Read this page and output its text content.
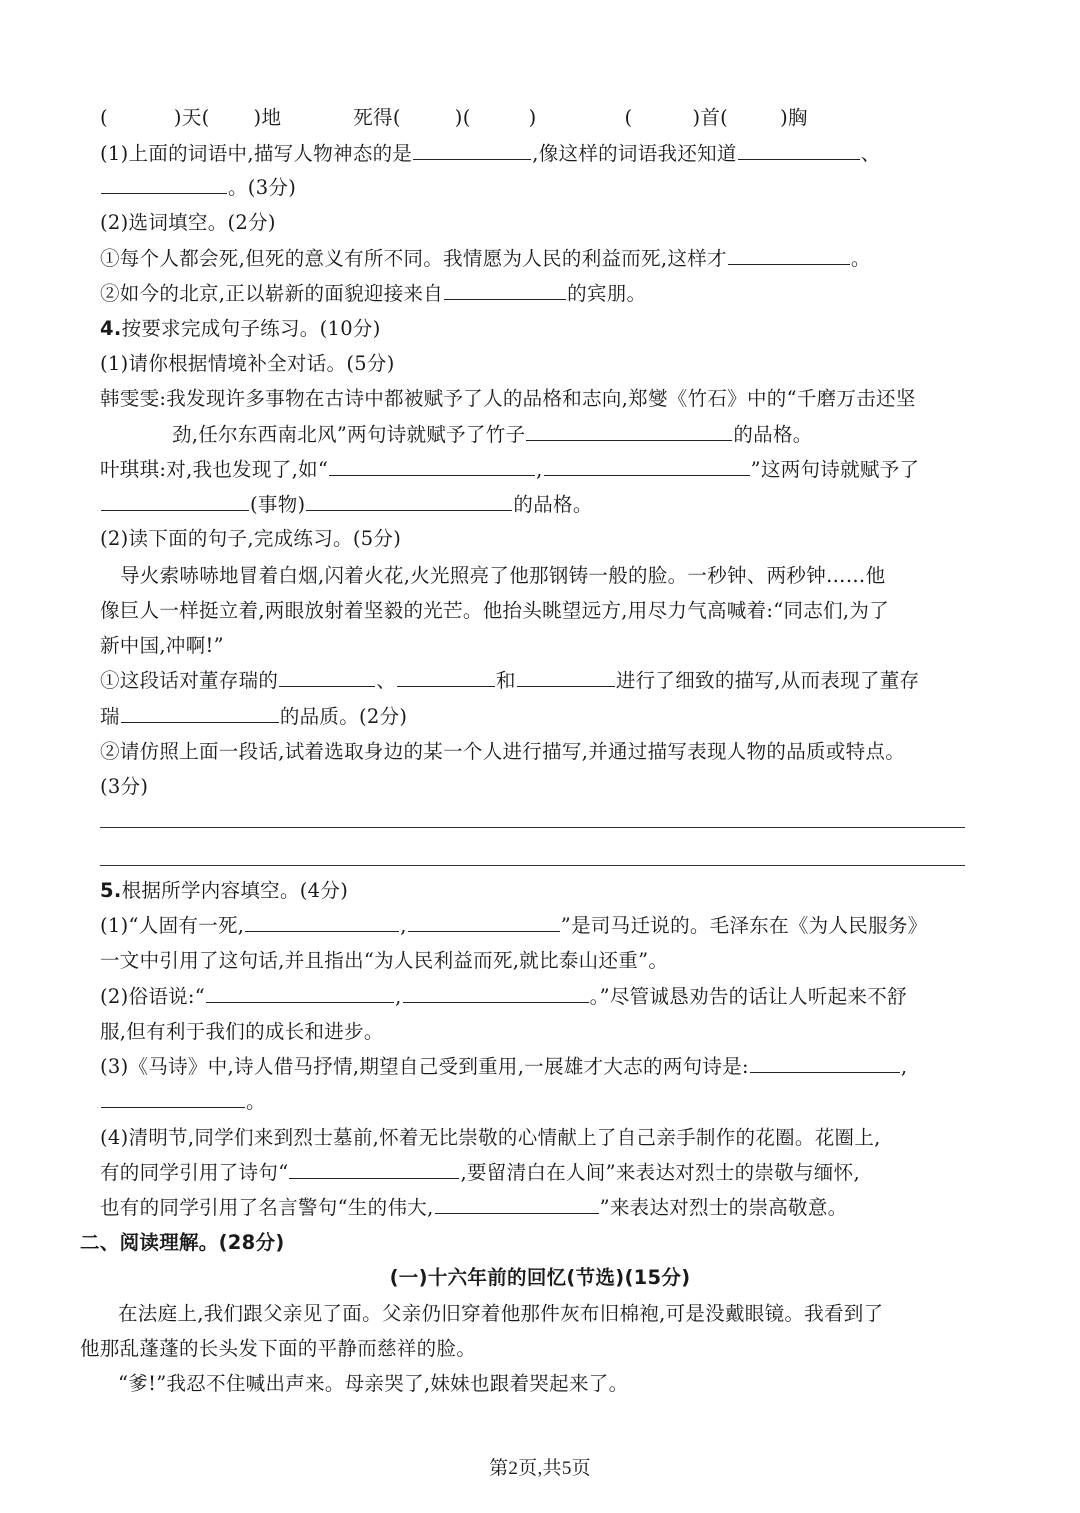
(	)天( )地	死得(	)(	)	(	)首(	)胸
(1)上面的词语中,描写人物神态的是	,像这样的词语我还知道	、
。(3分)
(2)选词填空。(2分)
①每个人都会死,但死的意义有所不同。我情愿为人民的利益而死,这样才	。
②如今的北京,正以崭新的面貌迎接来自	的宾朋。
4.按要求完成句子练习。(10分)
(1)请你根据情境补全对话。(5分)
韩雯雯:我发现许多事物在古诗中都被赋予了人的品格和志向,郑燮《竹石》中的“千磨万击还坚
劲,任尔东西南北风”两句诗就赋予了竹子	的品格。
叶琪琪:对,我也发现了,如“	,	”这两句诗就赋予了
(事物)	的品格。
(2)读下面的句子,完成练习。(5分)
导火索哧哧地冒着白烟,闪着火花,火光照亮了他那钢铸一般的脸。一秒钟、两秒钟……他
像巨人一样挺立着,两眼放射着坚毅的光芒。他抬头眺望远方,用尽力气高喊着:“同志们,为了
新中国,冲啊!”
①这段话对董存瑞的	、	和	进行了细致的描写,从而表现了董存
瑞	的品质。(2分)
②请仿照上面一段话,试着选取身边的某一个人进行描写,并通过描写表现人物的品质或特点。
(3分)
5.根据所学内容填空。(4分)
(1)“人固有一死,	,	”是司马迁说的。毛泽东在《为人民服务》
一文中引用了这句话,并且指出“为人民利益而死,就比泰山还重”。
(2)俗语说:“	,	。”尽管诚恳劝告的话让人听起来不舒
服,但有利于我们的成长和进步。
(3)《马诗》中,诗人借马抒情,期望自己受到重用,一展雄才大志的两句诗是:	,
。
(4)清明节,同学们来到烈士墓前,怀着无比崇敬的心情献上了自己亲手制作的花圈。花圈上,
有的同学引用了诗句“	,要留清白在人间”来表达对烈士的崇敬与缅怀,
也有的同学引用了名言警句“生的伟大,	”来表达对烈士的崇高敬意。
二、阅读理解。(28分)
(一)十六年前的回忆(节选)(15分)
在法庭上,我们跟父亲见了面。父亲仍旧穿着他那件灰布旧棉袍,可是没戴眼镜。我看到了
他那乱蓬蓬的长头发下面的平静而慈祥的脸。
“爹!”我忍不住喊出声来。母亲哭了,妹妹也跟着哭起来了。
第2页,共5页
